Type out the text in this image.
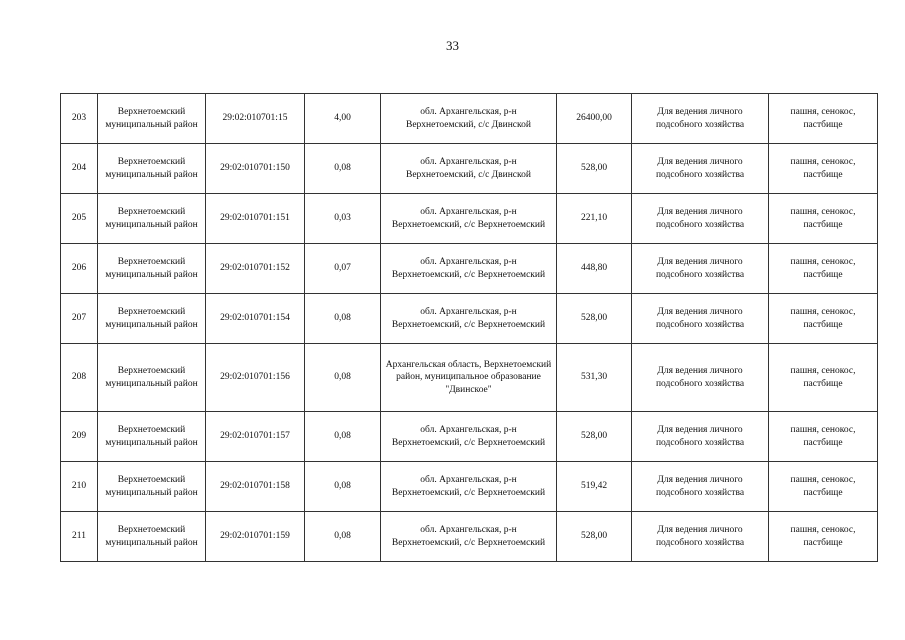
33
203	Верхнетоемский муниципальный район	29:02:010701:15	4,00	обл. Архангельская, р-н Верхнетоемский, с/с Двинской	26400,00	Для ведения личного подсобного хозяйства	пашня, сенокос, пастбище
204	Верхнетоемский муниципальный район	29:02:010701:150	0,08	обл. Архангельская, р-н Верхнетоемский, с/с Двинской	528,00	Для ведения личного подсобного хозяйства	пашня, сенокос, пастбище
205	Верхнетоемский муниципальный район	29:02:010701:151	0,03	обл. Архангельская, р-н Верхнетоемский, с/с Верхнетоемский	221,10	Для ведения личного подсобного хозяйства	пашня, сенокос, пастбище
206	Верхнетоемский муниципальный район	29:02:010701:152	0,07	обл. Архангельская, р-н Верхнетоемский, с/с Верхнетоемский	448,80	Для ведения личного подсобного хозяйства	пашня, сенокос, пастбище
207	Верхнетоемский муниципальный район	29:02:010701:154	0,08	обл. Архангельская, р-н Верхнетоемский, с/с Верхнетоемский	528,00	Для ведения личного подсобного хозяйства	пашня, сенокос, пастбище
208	Верхнетоемский муниципальный район	29:02:010701:156	0,08	Архангельская область, Верхнетоемский район, муниципальное образование "Двинское"	531,30	Для ведения личного подсобного хозяйства	пашня, сенокос, пастбище
209	Верхнетоемский муниципальный район	29:02:010701:157	0,08	обл. Архангельская, р-н Верхнетоемский, с/с Верхнетоемский	528,00	Для ведения личного подсобного хозяйства	пашня, сенокос, пастбище
210	Верхнетоемский муниципальный район	29:02:010701:158	0,08	обл. Архангельская, р-н Верхнетоемский, с/с Верхнетоемский	519,42	Для ведения личного подсобного хозяйства	пашня, сенокос, пастбище
211	Верхнетоемский муниципальный район	29:02:010701:159	0,08	обл. Архангельская, р-н Верхнетоемский, с/с Верхнетоемский	528,00	Для ведения личного подсобного хозяйства	пашня, сенокос, пастбище
